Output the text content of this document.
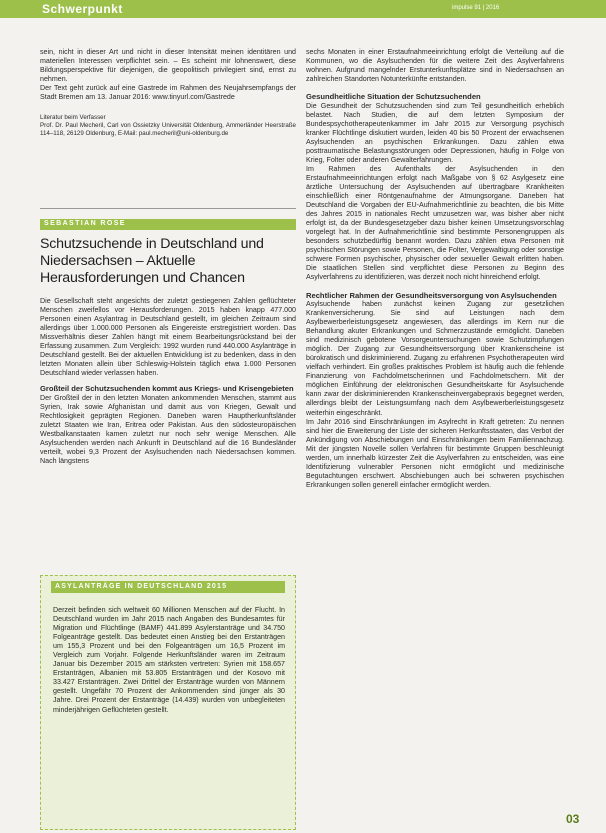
Schwerpunkt	impulse 91 | 2016

sein, nicht in dieser Art und nicht in dieser Intensität meinen identitären und materiellen Interessen verpflichtet sein. – Es scheint mir lohnenswert, diese Bildungsperspektive für diejenigen, die geopolitisch privilegiert sind, ernst zu nehmen.

Der Text geht zurück auf eine Gastrede im Rahmen des Neujahrsempfangs der Stadt Bremen am 13. Januar 2016: www.tinyurl.com/Gastrede

Literatur beim Verfasser

Prof. Dr. Paul Mecheril, Carl von Ossietzky Universität Oldenburg, Ammerländer Heerstraße 114–118, 26129 Oldenburg, E-Mail: paul.mecheril@uni-oldenburg.de

SEBASTIAN ROSE
Schutzsuchende in Deutschland und Niedersachsen – Aktuelle Herausforderungen und Chancen

Die Gesellschaft steht angesichts der zuletzt gestiegenen Zahlen geflüchteter Menschen zweifellos vor Herausforderungen. 2015 haben knapp 477.000 Personen einen Asylantrag in Deutschland gestellt, im gleichen Zeitraum sind allerdings über 1.000.000 Personen als Eingereiste erstregistriert worden. Das Missverhältnis dieser Zahlen hängt mit einem Bearbeitungsrückstand bei der Erfassung zusammen. Zum Vergleich: 1992 wurden rund 440.000 Asylanträge in Deutschland gestellt. Bei der aktuellen Entwicklung ist zu bedenken, dass in den letzten Monaten allein über Schleswig-Holstein täglich etwa 1.000 Personen Deutschland wieder verlassen haben.

Großteil der Schutzsuchenden kommt aus Kriegs- und Krisengebieten

Der Großteil der in den letzten Monaten ankommenden Menschen, stammt aus Syrien, Irak sowie Afghanistan und damit aus von Kriegen, Gewalt und Rechtlosigkeit geprägten Regionen. Daneben waren Hauptherkunftsländer zuletzt Staaten wie Iran, Eritrea oder Pakistan. Aus den südosteuropäischen Westbalkanstaaten kamen zuletzt nur noch sehr wenige Menschen. Alle Asylsuchenden werden nach Ankunft in Deutschland auf die 16 Bundesländer verteilt, wobei 9,3 Prozent der Asylsuchenden nach Niedersachsen kommen. Nach längstens

ASYLANTRÄGE IN DEUTSCHLAND 2015

Derzeit befinden sich weltweit 60 Millionen Menschen auf der Flucht. In Deutschland wurden im Jahr 2015 nach Angaben des Bundesamtes für Migration und Flüchtlinge (BAMF) 441.899 Asylerstanträge und 34.750 Folgeanträge gestellt. Das bedeutet einen Anstieg bei den Erstanträgen um 155,3 Prozent und bei den Folgeanträgen um 16,5 Prozent im Vergleich zum Vorjahr. Folgende Herkunftsländer waren im Zeitraum Januar bis Dezember 2015 am stärksten vertreten: Syrien mit 158.657 Erstanträgen, Albanien mit 53.805 Erstanträgen und der Kosovo mit 33.427 Erstanträgen. Zwei Drittel der Erstanträge wurden von Männern gestellt. Ungefähr 70 Prozent der Ankommenden sind jünger als 30 Jahre. Drei Prozent der Erstanträge (14.439) wurden von unbegleiteten minderjährigen Geflüchteten gestellt.

sechs Monaten in einer Erstaufnahmeeinrichtung erfolgt die Verteilung auf die Kommunen, wo die Asylsuchenden für die weitere Zeit des Asylverfahrens wohnen. Aufgrund mangelnder Erstunterkunftsplätze sind in Niedersachsen an zahlreichen Standorten Notunterkünfte entstanden.

Gesundheitliche Situation der Schutzsuchenden

Die Gesundheit der Schutzsuchenden sind zum Teil gesundheitlich erheblich belastet. Nach Studien, die auf dem letzten Symposium der Bundespsychotherapeutenkammer im Jahr 2015 zur Versorgung psychisch kranker Flüchtlinge diskutiert wurden, leiden 40 bis 50 Prozent der erwachsenen Asylsuchenden an psychischen Erkrankungen. Dazu zählen etwa posttraumatische Belastungsstörungen oder Depressionen, häufig in Folge von Krieg, Folter oder anderen Gewalterfahrungen.

Im Rahmen des Aufenthalts der Asylsuchenden in den Erstaufnahmeeinrichtungen erfolgt nach Maßgabe von § 62 Asylgesetz eine ärztliche Untersuchung der Asylsuchenden auf übertragbare Krankheiten einschließlich einer Röntgenaufnahme der Atmungsorgane. Daneben hat Deutschland die Vorgaben der EU-Aufnahmerichtlinie zu beachten, die bis Mitte des Jahres 2015 in nationales Recht umzusetzen war, was bisher aber nicht erfolgt ist, da der Bundesgesetzgeber dazu bisher keinen Umsetzungsvorschlag vorgelegt hat. In der Aufnahmerichtlinie sind bestimmte Personengruppen als besonders schutzbedürftig benannt worden. Dazu zählen etwa Personen mit psychischen Störungen sowie Personen, die Folter, Vergewaltigung oder sonstige schwere Formen psychischer, physischer oder sexueller Gewalt erlitten haben. Die staatlichen Stellen sind verpflichtet diese Personen zu Beginn des Asylverfahrens zu identifizieren, was derzeit noch nicht hinreichend erfolgt.

Rechtlicher Rahmen der Gesundheitsversorgung von Asylsuchenden

Asylsuchende haben zunächst keinen Zugang zur gesetzlichen Krankenversicherung. Sie sind auf Leistungen nach dem Asylbewerberleistungsgesetz angewiesen, das allerdings im Kern nur die Behandlung akuter Erkrankungen und Schmerzzustände ermöglicht. Daneben sind medizinisch gebotene Vorsorgeuntersuchungen sowie Schutzimpfungen möglich. Der Zugang zur Gesundheitsversorgung über Krankenscheine ist bürokratisch und diskriminierend. Zugang zu erfahrenen Psychotherapeuten wird vielfach verhindert. Ein großes praktisches Problem ist häufig auch die fehlende Finanzierung von Fachdolmetscherinnen und Fachdolmetschern. Mit der möglichen Einführung der elektronischen Gesundheitskarte für Asylsuchende kann zwar der diskriminierenden Krankenscheinvergabepraxis begegnet werden, allerdings bleibt der Leistungsumfang nach dem Asylbewerberleistungsgesetz weiterhin eingeschränkt.

Im Jahr 2016 sind Einschränkungen im Asylrecht in Kraft getreten: Zu nennen sind hier die Erweiterung der Liste der sicheren Herkunftsstaaten, das Verbot der Ankündigung von Abschiebungen und Einschränkungen beim Familiennachzug. Mit der jüngsten Novelle sollen Verfahren für bestimmte Gruppen beschleunigt werden, um innerhalb kürzester Zeit die Asylverfahren zu entscheiden, was eine Identifizierung vulnerabler Personen nicht ermöglicht und medizinische Begutachtungen erschwert. Abschiebungen auch bei schweren psychischen Erkrankungen sollen generell einfacher ermöglicht werden.

03
